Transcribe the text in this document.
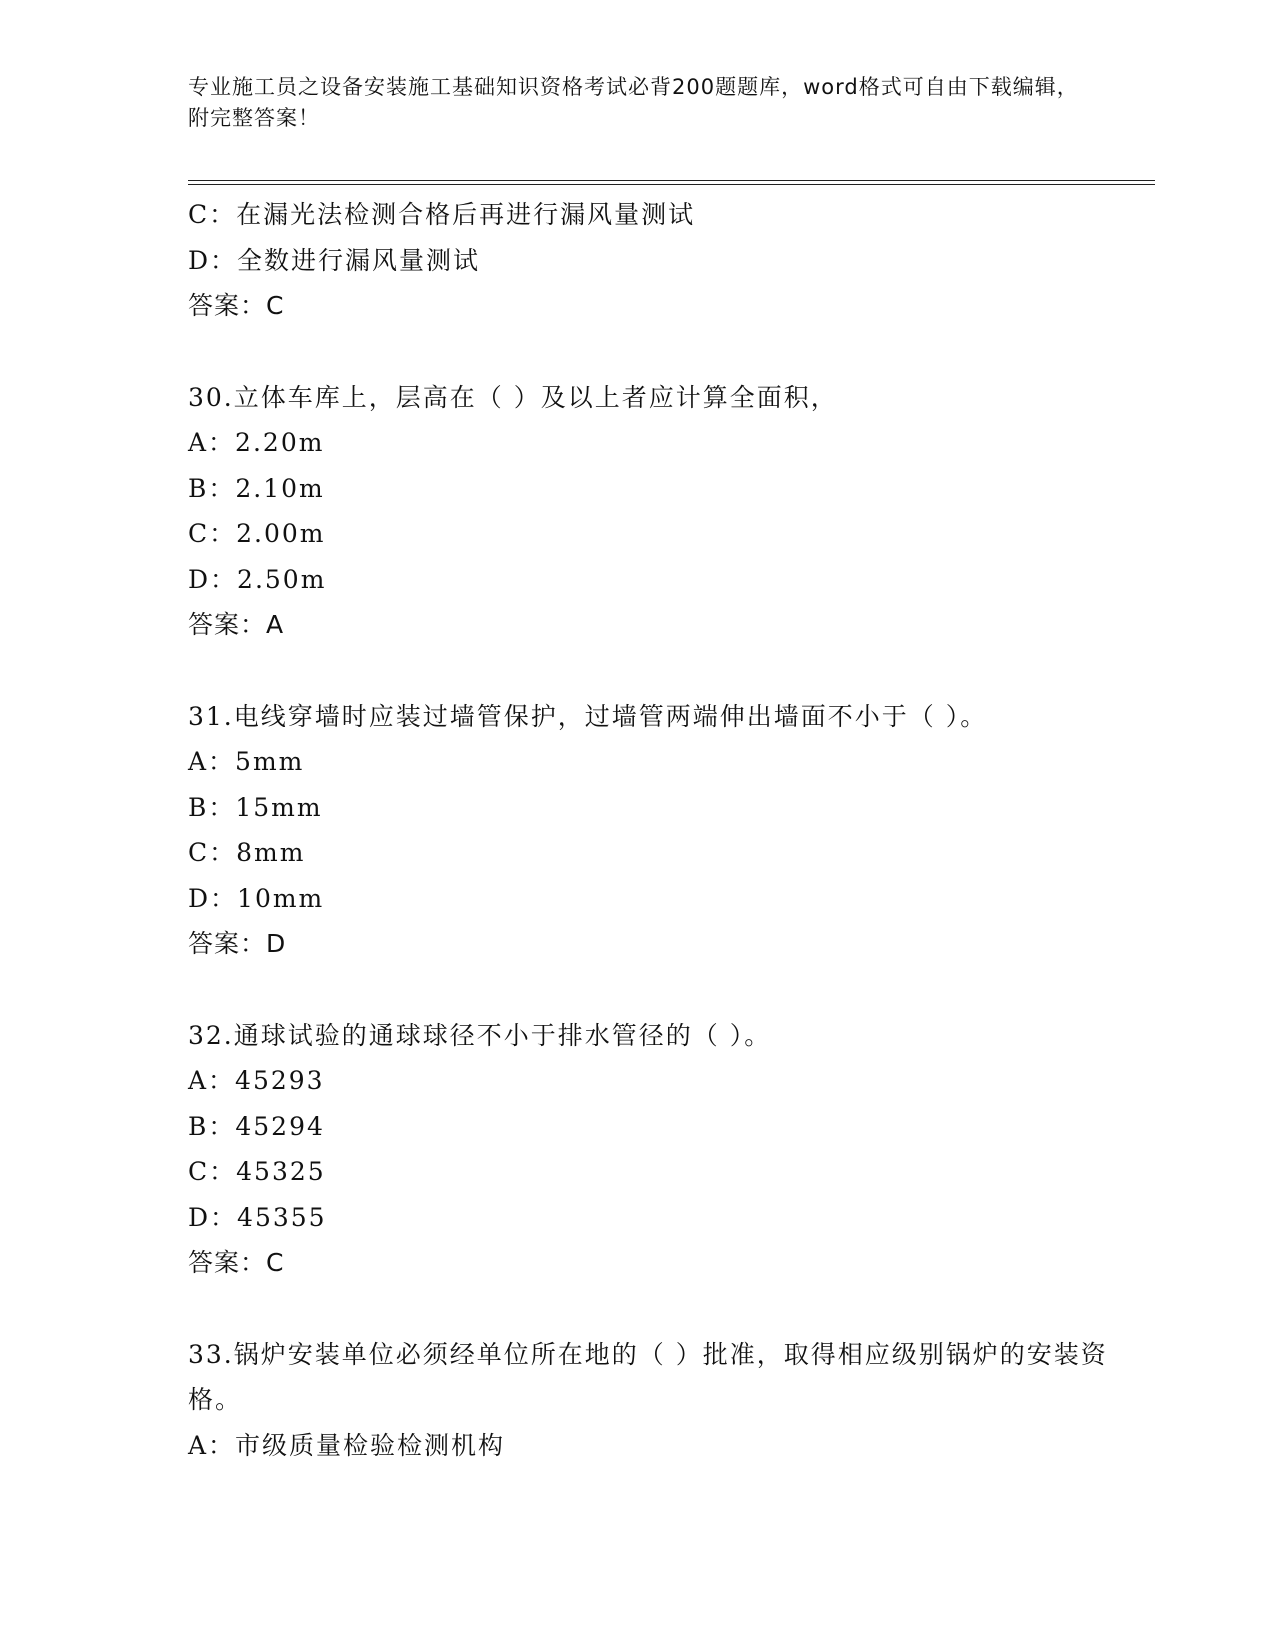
专业施工员之设备安装施工基础知识资格考试必背200题题库，word格式可自由下载编辑，附完整答案！
C：在漏光法检测合格后再进行漏风量测试
D：全数进行漏风量测试
答案：C
30.立体车库上，层高在（ ）及以上者应计算全面积，
A：2.20m
B：2.10m
C：2.00m
D：2.50m
答案：A
31.电线穿墙时应装过墙管保护，过墙管两端伸出墙面不小于（ ）。
A：5mm
B：15mm
C：8mm
D：10mm
答案：D
32.通球试验的通球球径不小于排水管径的（ ）。
A：45293
B：45294
C：45325
D：45355
答案：C
33.锅炉安装单位必须经单位所在地的（ ）批准，取得相应级别锅炉的安装资格。
A：市级质量检验检测机构
